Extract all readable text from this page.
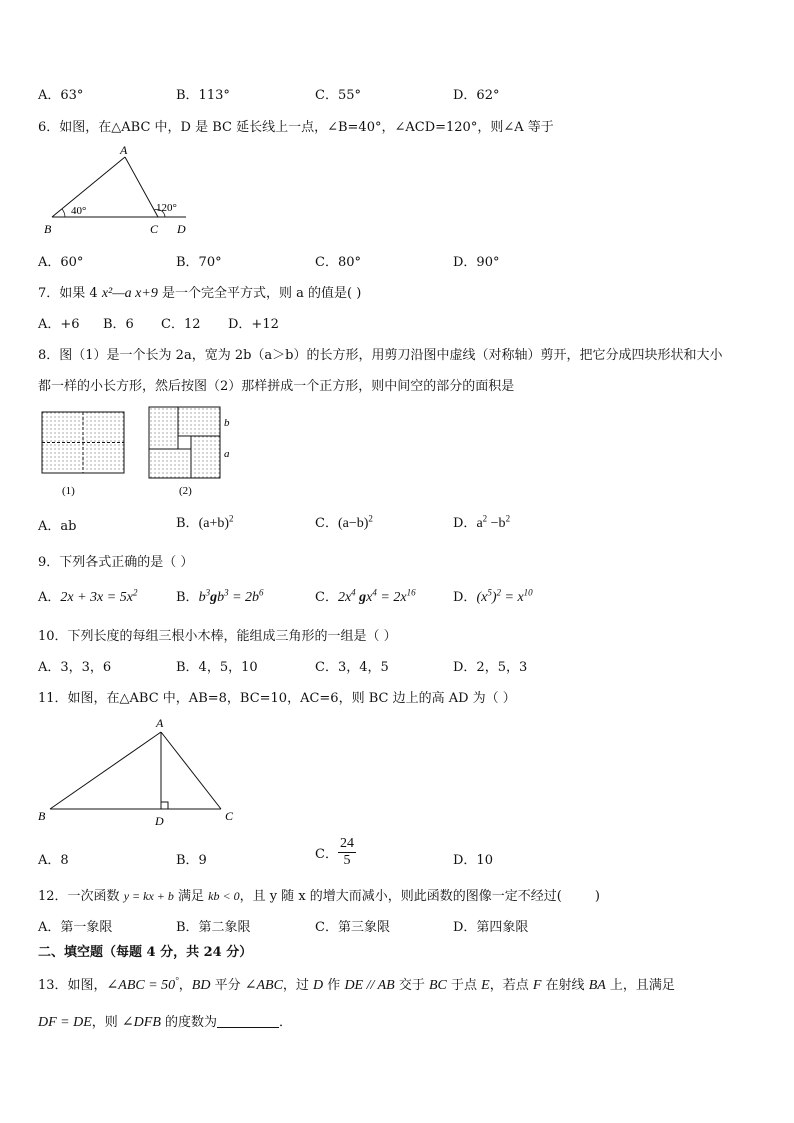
A．63°	B．113°	C．55°	D．62°
6．如图，在△ABC 中，D 是 BC 延长线上一点，∠B=40°，∠ACD=120°，则∠A 等于
A
B	C D
40°	120°
A．60°	B．70°	C．80°	D．90°
7．如果 4 x²—a x+9 是一个完全平方式，则 a 的值是( )
A．+6 B．6 C．12 D．+12
8．图（1）是一个长为 2a，宽为 2b（a＞b）的长方形，用剪刀沿图中虚线（对称轴）剪开，把它分成四块形状和大小
都一样的小长方形，然后按图（2）那样拼成一个正方形，则中间空的部分的面积是
(1)
b
a
(2)
A．ab	B．$(a+b)^2$	C．$(a-b)^2$	D．$a^2 -b^2$
9．下列各式正确的是（ ）
A．$2x + 3x = 5x^2$	B．$b^3gb^3 = 2b^6$	C．$2x^4$ $gx^4 = 2x^{16}$	D．$(x^5)^2 = x^{10}$
10．下列长度的每组三根小木棒，能组成三角形的一组是（ ）
A．3，3，6	B．4，5，10	C．3，4，5	D．2，5，3
11．如图，在△ABC 中，AB=8，BC=10，AC=6，则 BC 边上的高 AD 为（ ）
A
B	D	C
A．8	B．9	C． $\frac{24}{5}$	D．10
12．一次函数 y = kx + b 满足 kb < 0，且 y 随 x 的增大而减小，则此函数的图像一定不经过(        )
A．第一象限	B．第二象限	C．第三象限	D．第四象限
二、填空题（每题 4 分，共 24 分）
13．如图，∠ABC = 50°，BD 平分 ∠ABC，过 D 作 DE // AB 交于 BC 于点 E，若点 F 在射线 BA 上，且满足
DF = DE，则 ∠DFB 的度数为	．
